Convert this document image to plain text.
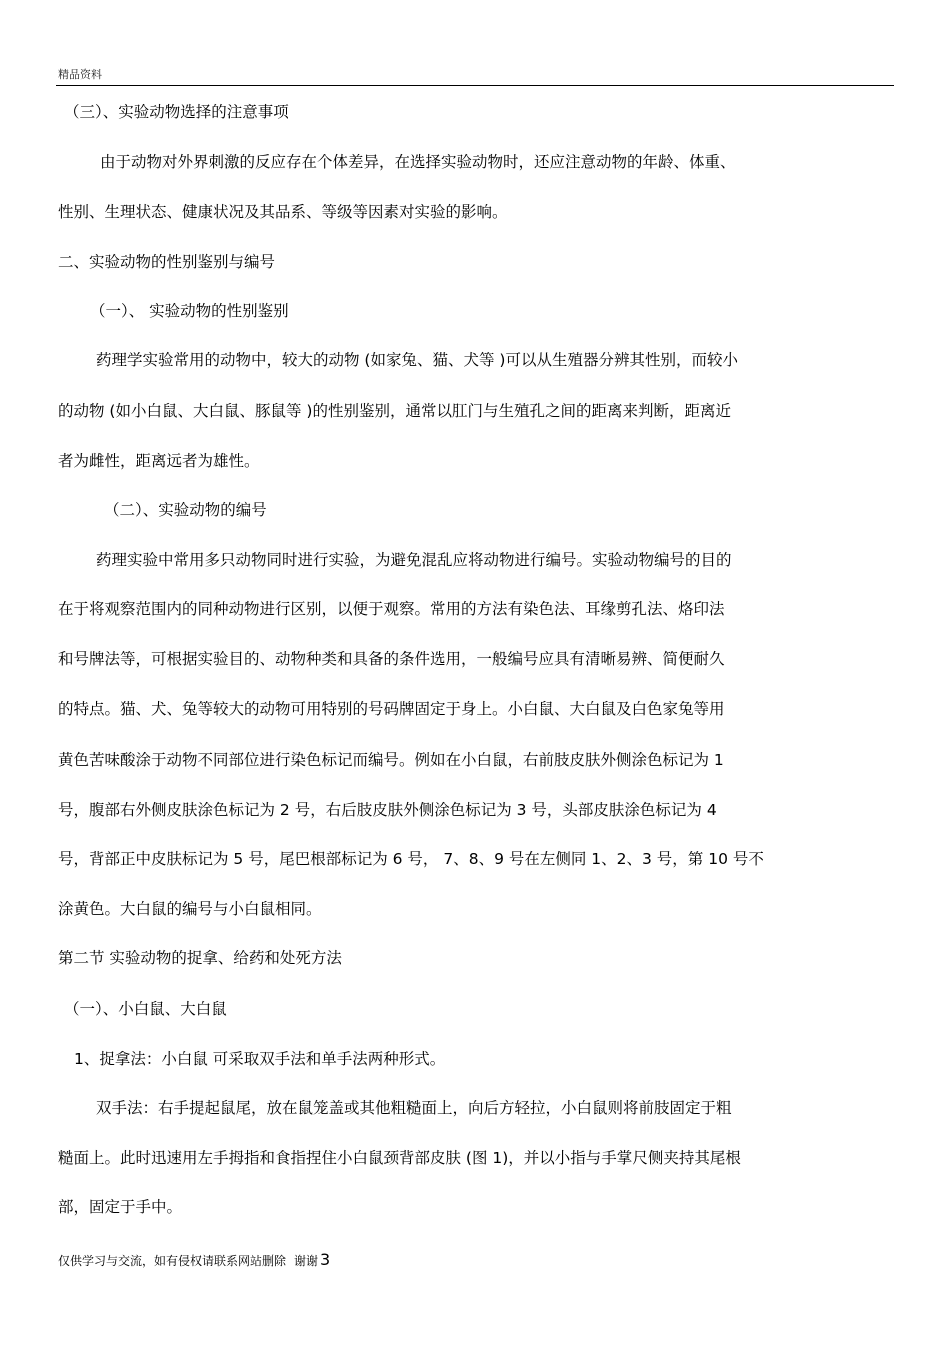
精品资料
（三）、实验动物选择的注意事项
由于动物对外界刺激的反应存在个体差异，在选择实验动物时，还应注意动物的年龄、体重、
性别、生理状态、健康状况及其品系、等级等因素对实验的影响。
二、实验动物的性别鉴别与编号
（一）、 实验动物的性别鉴别
药理学实验常用的动物中，较大的动物 (如家兔、猫、犬等 )可以从生殖器分辨其性别，而较小
的动物 (如小白鼠、大白鼠、豚鼠等 )的性别鉴别，通常以肛门与生殖孔之间的距离来判断，距离近
者为雌性，距离远者为雄性。
（二）、实验动物的编号
药理实验中常用多只动物同时进行实验，为避免混乱应将动物进行编号。实验动物编号的目的
在于将观察范围内的同种动物进行区别，以便于观察。常用的方法有染色法、耳缘剪孔法、烙印法
和号牌法等，可根据实验目的、动物种类和具备的条件选用，一般编号应具有清晰易辨、简便耐久
的特点。猫、犬、兔等较大的动物可用特别的号码牌固定于身上。小白鼠、大白鼠及白色家兔等用
黄色苦味酸涂于动物不同部位进行染色标记而编号。例如在小白鼠，右前肢皮肤外侧涂色标记为 1
号，腹部右外侧皮肤涂色标记为 2 号，右后肢皮肤外侧涂色标记为 3 号，头部皮肤涂色标记为 4
号，背部正中皮肤标记为 5 号，尾巴根部标记为 6 号， 7、8、9 号在左侧同 1、2、3 号，第 10 号不
涂黄色。大白鼠的编号与小白鼠相同。
第二节 实验动物的捉拿、给药和处死方法
（一）、小白鼠、大白鼠
1、捉拿法：小白鼠 可采取双手法和单手法两种形式。
双手法：右手提起鼠尾，放在鼠笼盖或其他粗糙面上，向后方轻拉，小白鼠则将前肢固定于粗
糙面上。此时迅速用左手拇指和食指捏住小白鼠颈背部皮肤 (图 1)，并以小指与手掌尺侧夹持其尾根
部，固定于手中。
仅供学习与交流，如有侵权请联系网站删除 谢谢 3
